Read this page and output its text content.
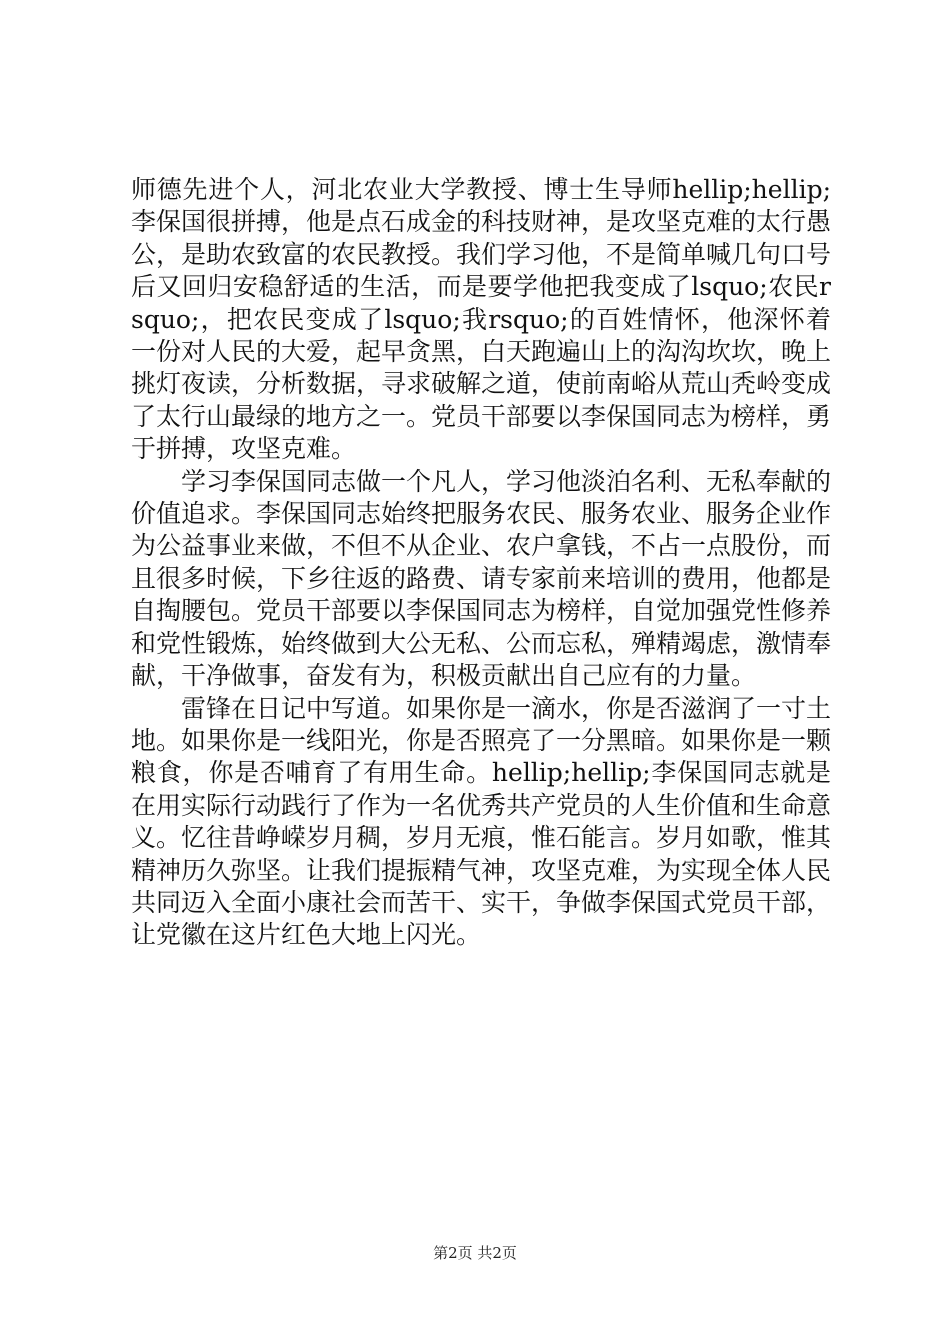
师德先进个人，河北农业大学教授、博士生导师hellip;hellip;李保国很拼搏，他是点石成金的科技财神，是攻坚克难的太行愚公，是助农致富的农民教授。我们学习他，不是简单喊几句口号后又回归安稳舒适的生活，而是要学他把我变成了lsquo;农民rsquo;，把农民变成了lsquo;我rsquo;的百姓情怀，他深怀着一份对人民的大爱，起早贪黑，白天跑遍山上的沟沟坎坎，晚上挑灯夜读，分析数据，寻求破解之道，使前南峪从荒山秃岭变成了太行山最绿的地方之一。党员干部要以李保国同志为榜样，勇于拼搏，攻坚克难。

学习李保国同志做一个凡人，学习他淡泊名利、无私奉献的价值追求。李保国同志始终把服务农民、服务农业、服务企业作为公益事业来做，不但不从企业、农户拿钱，不占一点股份，而且很多时候，下乡往返的路费、请专家前来培训的费用，他都是自掏腰包。党员干部要以李保国同志为榜样，自觉加强党性修养和党性锻炼，始终做到大公无私、公而忘私，殚精竭虑，激情奉献，干净做事，奋发有为，积极贡献出自己应有的力量。

雷锋在日记中写道。如果你是一滴水，你是否滋润了一寸土地。如果你是一线阳光，你是否照亮了一分黑暗。如果你是一颗粮食，你是否哺育了有用生命。hellip;hellip;李保国同志就是在用实际行动践行了作为一名优秀共产党员的人生价值和生命意义。忆往昔峥嵘岁月稠，岁月无痕，惟石能言。岁月如歌，惟其精神历久弥坚。让我们提振精气神，攻坚克难，为实现全体人民共同迈入全面小康社会而苦干、实干，争做李保国式党员干部，让党徽在这片红色大地上闪光。

第2页 共2页
